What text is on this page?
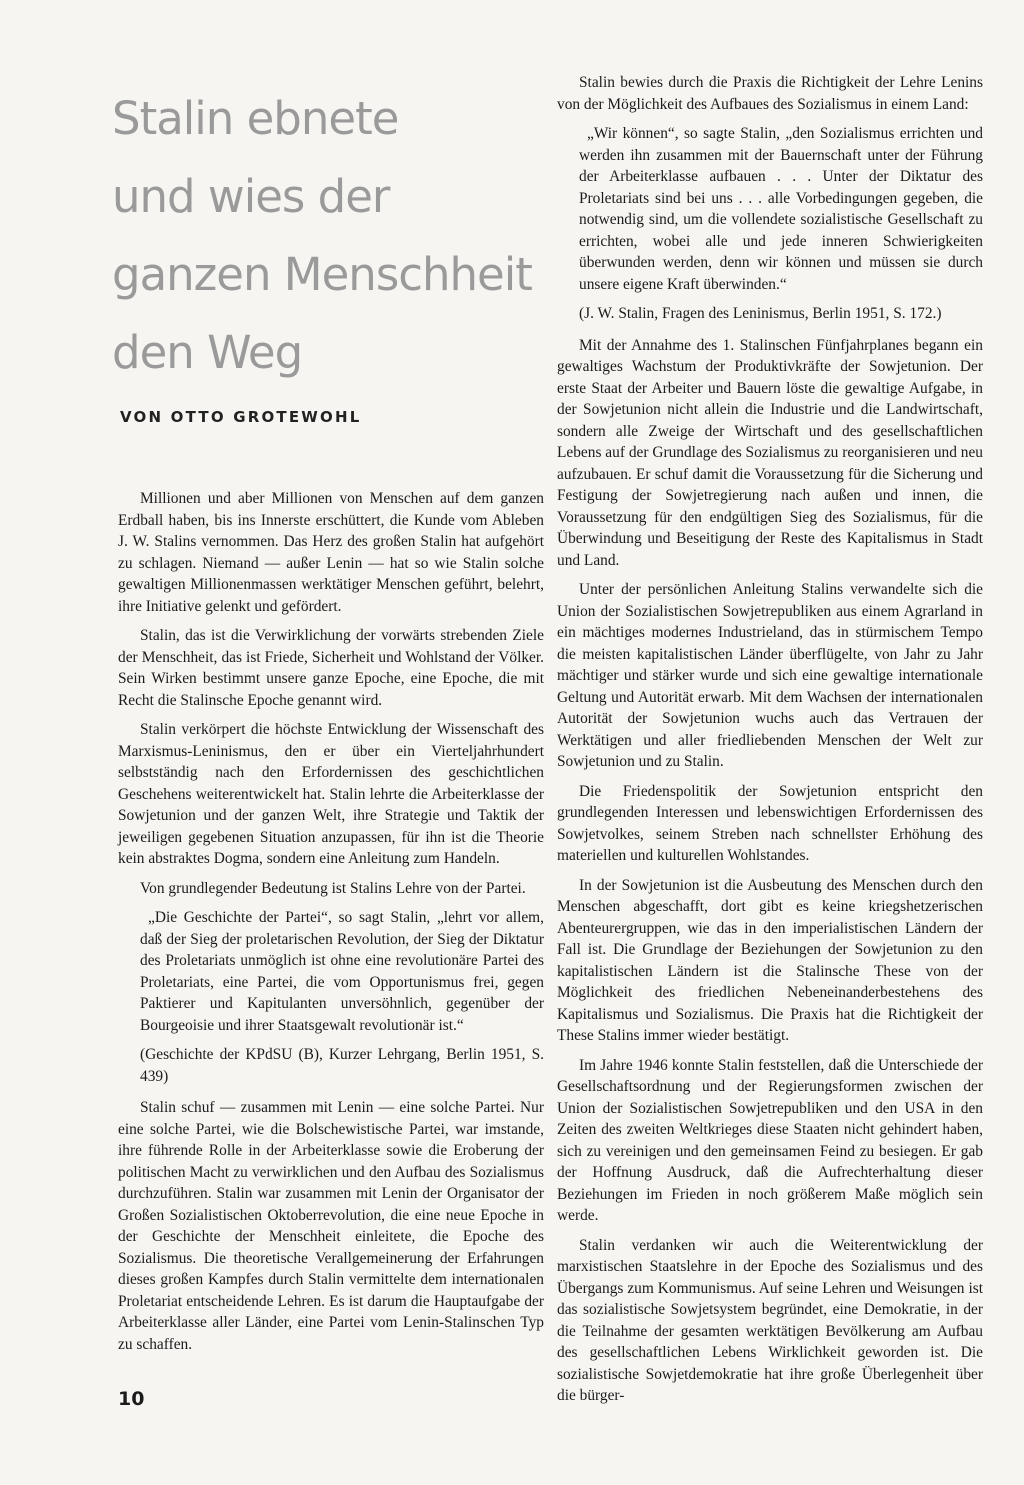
Stalin ebnete
und wies der
ganzen Menschheit
den Weg
VON OTTO GROTEWOHL

Millionen und aber Millionen von Menschen auf dem ganzen Erdball haben, bis ins Innerste erschüttert, die Kunde vom Ableben J. W. Stalins vernommen. Das Herz des großen Stalin hat aufgehört zu schlagen. Niemand — außer Lenin — hat so wie Stalin solche gewaltigen Millionenmassen werktätiger Menschen geführt, belehrt, ihre Initiative gelenkt und gefördert.

Stalin, das ist die Verwirklichung der vorwärts strebenden Ziele der Menschheit, das ist Friede, Sicherheit und Wohlstand der Völker. Sein Wirken bestimmt unsere ganze Epoche, eine Epoche, die mit Recht die Stalinsche Epoche genannt wird.

Stalin verkörpert die höchste Entwicklung der Wissenschaft des Marxismus-Leninismus, den er über ein Vierteljahrhundert selbstständig nach den Erfordernissen des geschichtlichen Geschehens weiterentwickelt hat. Stalin lehrte die Arbeiterklasse der Sowjetunion und der ganzen Welt, ihre Strategie und Taktik der jeweiligen gegebenen Situation anzupassen, für ihn ist die Theorie kein abstraktes Dogma, sondern eine Anleitung zum Handeln.

Von grundlegender Bedeutung ist Stalins Lehre von der Partei.

„Die Geschichte der Partei“, so sagt Stalin, „lehrt vor allem, daß der Sieg der proletarischen Revolution, der Sieg der Diktatur des Proletariats unmöglich ist ohne eine revolutionäre Partei des Proletariats, eine Partei, die vom Opportunismus frei, gegen Paktierer und Kapitulanten unversöhnlich, gegenüber der Bourgeoisie und ihrer Staatsgewalt revolutionär ist.“

(Geschichte der KPdSU (B), Kurzer Lehrgang, Berlin 1951, S. 439)

Stalin schuf — zusammen mit Lenin — eine solche Partei. Nur eine solche Partei, wie die Bolschewistische Partei, war imstande, ihre führende Rolle in der Arbeiterklasse sowie die Eroberung der politischen Macht zu verwirklichen und den Aufbau des Sozialismus durchzuführen. Stalin war zusammen mit Lenin der Organisator der Großen Sozialistischen Oktoberrevolution, die eine neue Epoche in der Geschichte der Menschheit einleitete, die Epoche des Sozialismus. Die theoretische Verallgemeinerung der Erfahrungen dieses großen Kampfes durch Stalin vermittelte dem internationalen Proletariat entscheidende Lehren. Es ist darum die Hauptaufgabe der Arbeiterklasse aller Länder, eine Partei vom Lenin-Stalinschen Typ zu schaffen.

Stalin bewies durch die Praxis die Richtigkeit der Lehre Lenins von der Möglichkeit des Aufbaues des Sozialismus in einem Land:

„Wir können“, so sagte Stalin, „den Sozialismus errichten und werden ihn zusammen mit der Bauernschaft unter der Führung der Arbeiterklasse aufbauen . . . Unter der Diktatur des Proletariats sind bei uns . . . alle Vorbedingungen gegeben, die notwendig sind, um die vollendete sozialistische Gesellschaft zu errichten, wobei alle und jede inneren Schwierigkeiten überwunden werden, denn wir können und müssen sie durch unsere eigene Kraft überwinden.“

(J. W. Stalin, Fragen des Leninismus, Berlin 1951, S. 172.)

Mit der Annahme des 1. Stalinschen Fünfjahrplanes begann ein gewaltiges Wachstum der Produktivkräfte der Sowjetunion. Der erste Staat der Arbeiter und Bauern löste die gewaltige Aufgabe, in der Sowjetunion nicht allein die Industrie und die Landwirtschaft, sondern alle Zweige der Wirtschaft und des gesellschaftlichen Lebens auf der Grundlage des Sozialismus zu reorganisieren und neu aufzubauen. Er schuf damit die Voraussetzung für die Sicherung und Festigung der Sowjetregierung nach außen und innen, die Voraussetzung für den endgültigen Sieg des Sozialismus, für die Überwindung und Beseitigung der Reste des Kapitalismus in Stadt und Land.

Unter der persönlichen Anleitung Stalins verwandelte sich die Union der Sozialistischen Sowjetrepubliken aus einem Agrarland in ein mächtiges modernes Industrieland, das in stürmischem Tempo die meisten kapitalistischen Länder überflügelte, von Jahr zu Jahr mächtiger und stärker wurde und sich eine gewaltige internationale Geltung und Autorität erwarb. Mit dem Wachsen der internationalen Autorität der Sowjetunion wuchs auch das Vertrauen der Werktätigen und aller friedliebenden Menschen der Welt zur Sowjetunion und zu Stalin.

Die Friedenspolitik der Sowjetunion entspricht den grundlegenden Interessen und lebenswichtigen Erfordernissen des Sowjetvolkes, seinem Streben nach schnellster Erhöhung des materiellen und kulturellen Wohlstandes.

In der Sowjetunion ist die Ausbeutung des Menschen durch den Menschen abgeschafft, dort gibt es keine kriegshetzerischen Abenteurergruppen, wie das in den imperialistischen Ländern der Fall ist. Die Grundlage der Beziehungen der Sowjetunion zu den kapitalistischen Ländern ist die Stalinsche These von der Möglichkeit des friedlichen Nebeneinanderbestehens des Kapitalismus und Sozialismus. Die Praxis hat die Richtigkeit der These Stalins immer wieder bestätigt.

Im Jahre 1946 konnte Stalin feststellen, daß die Unterschiede der Gesellschaftsordnung und der Regierungsformen zwischen der Union der Sozialistischen Sowjetrepubliken und den USA in den Zeiten des zweiten Weltkrieges diese Staaten nicht gehindert haben, sich zu vereinigen und den gemeinsamen Feind zu besiegen. Er gab der Hoffnung Ausdruck, daß die Aufrechterhaltung dieser Beziehungen im Frieden in noch größerem Maße möglich sein werde.

Stalin verdanken wir auch die Weiterentwicklung der marxistischen Staatslehre in der Epoche des Sozialismus und des Übergangs zum Kommunismus. Auf seine Lehren und Weisungen ist das sozialistische Sowjetsystem begründet, eine Demokratie, in der die Teilnahme der gesamten werktätigen Bevölkerung am Aufbau des gesellschaftlichen Lebens Wirklichkeit geworden ist. Die sozialistische Sowjetdemokratie hat ihre große Überlegenheit über die bürger-

10
